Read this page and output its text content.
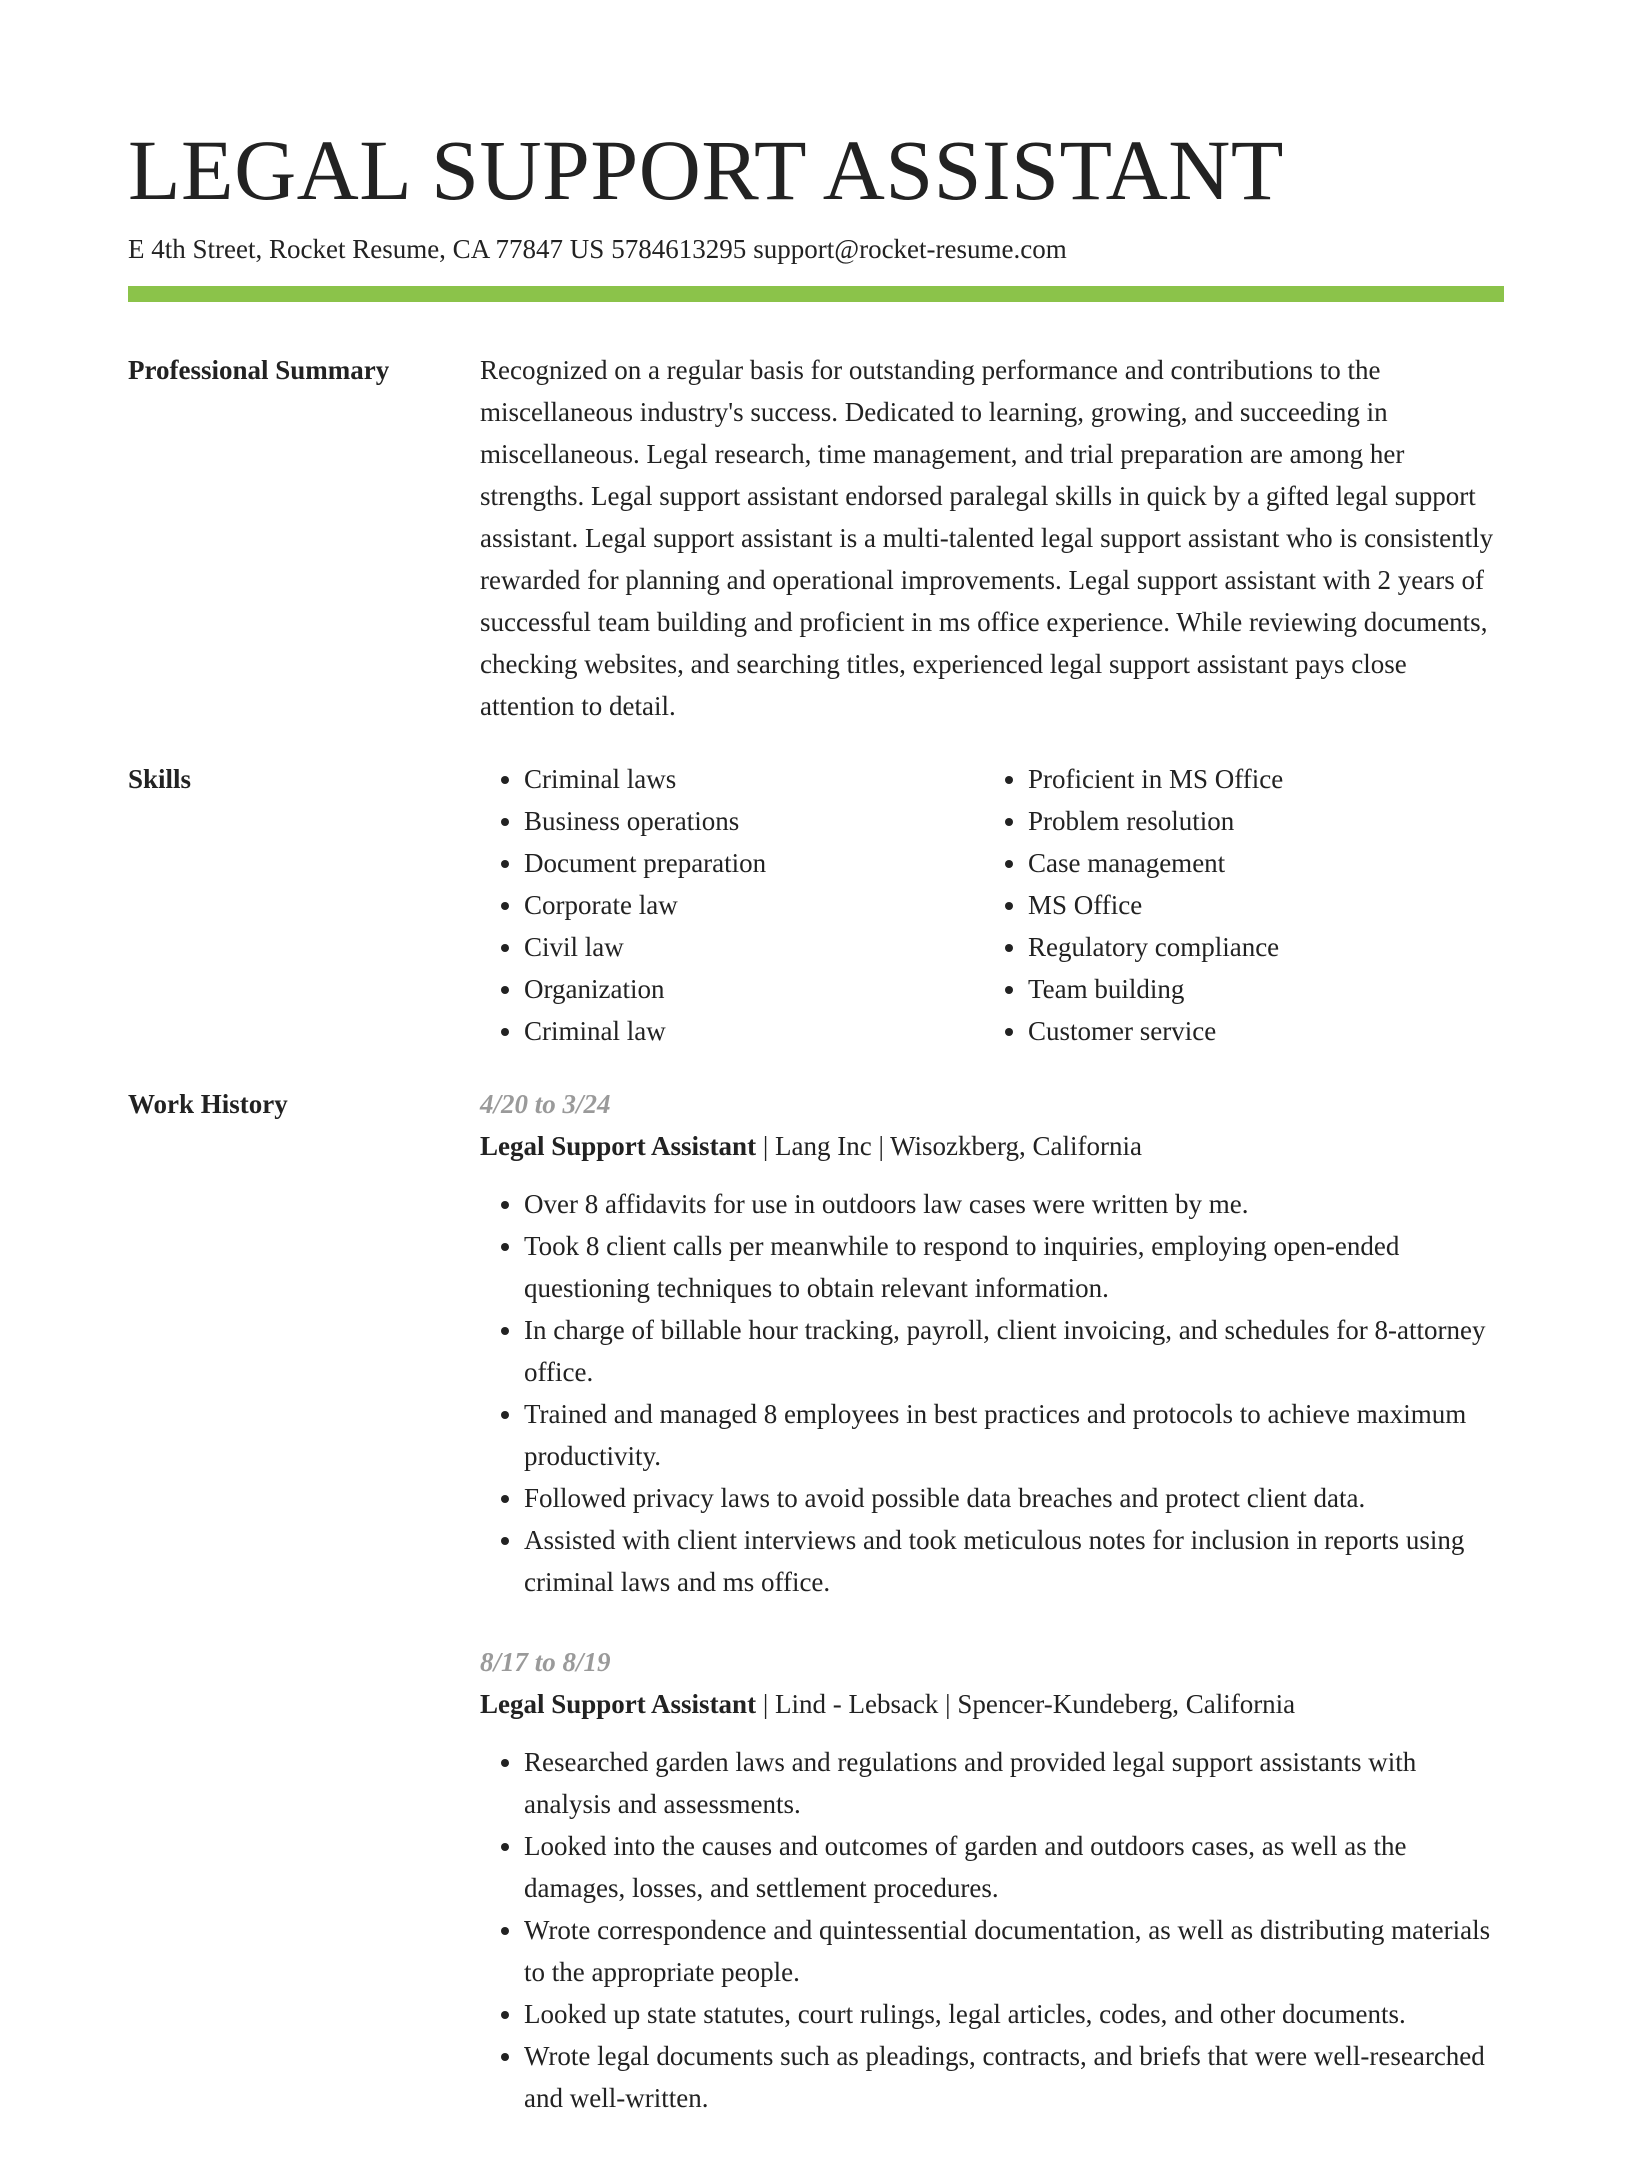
LEGAL SUPPORT ASSISTANT
E 4th Street, Rocket Resume, CA 77847 US 5784613295 support@rocket-resume.com
Professional Summary	Recognized on a regular basis for outstanding performance and contributions to the miscellaneous industry's success. Dedicated to learning, growing, and succeeding in miscellaneous. Legal research, time management, and trial preparation are among her strengths. Legal support assistant endorsed paralegal skills in quick by a gifted legal support assistant. Legal support assistant is a multi-talented legal support assistant who is consistently rewarded for planning and operational improvements. Legal support assistant with 2 years of successful team building and proficient in ms office experience. While reviewing documents, checking websites, and searching titles, experienced legal support assistant pays close attention to detail.

Skills
•	Criminal laws
• Business operations
• Document preparation
• Corporate law
• Civil law
• Organization
• Criminal law
• Proficient in MS Office
• Problem resolution
• Case management
• MS Office
• Regulatory compliance
• Team building
• Customer service
Work History	4/20 to 3/24
Legal Support Assistant | Lang Inc | Wisozkberg, California
• Over 8 affidavits for use in outdoors law cases were written by me.
• Took 8 client calls per meanwhile to respond to inquiries, employing open-ended questioning techniques to obtain relevant information.
• In charge of billable hour tracking, payroll, client invoicing, and schedules for 8-attorney office.
• Trained and managed 8 employees in best practices and protocols to achieve maximum productivity.
• Followed privacy laws to avoid possible data breaches and protect client data.
• Assisted with client interviews and took meticulous notes for inclusion in reports using criminal laws and ms office.
8/17 to 8/19
Legal Support Assistant | Lind - Lebsack | Spencer-Kundeberg, California
• Researched garden laws and regulations and provided legal support assistants with analysis and assessments.
• Looked into the causes and outcomes of garden and outdoors cases, as well as the damages, losses, and settlement procedures.
• Wrote correspondence and quintessential documentation, as well as distributing materials to the appropriate people.
• Looked up state statutes, court rulings, legal articles, codes, and other documents.
• Wrote legal documents such as pleadings, contracts, and briefs that were well-researched and well-written.
